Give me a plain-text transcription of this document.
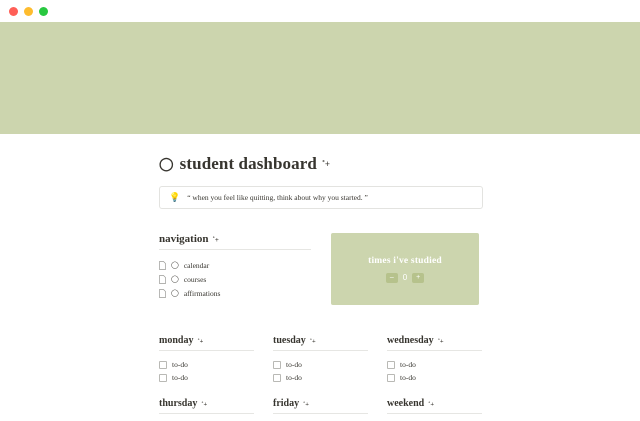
◯ student dashboard ˚+
💡 “ when you feel like quitting, think about why you started. ”
navigation ˚+
◯ calendar
◯ courses
◯ affirmations
times i've studied
–	0	+
monday ˚+
to-do
to-do
tuesday ˚+
to-do
to-do
wednesday ˚+
to-do
to-do
thursday ˚+	friday ˚+	weekend ˚+
